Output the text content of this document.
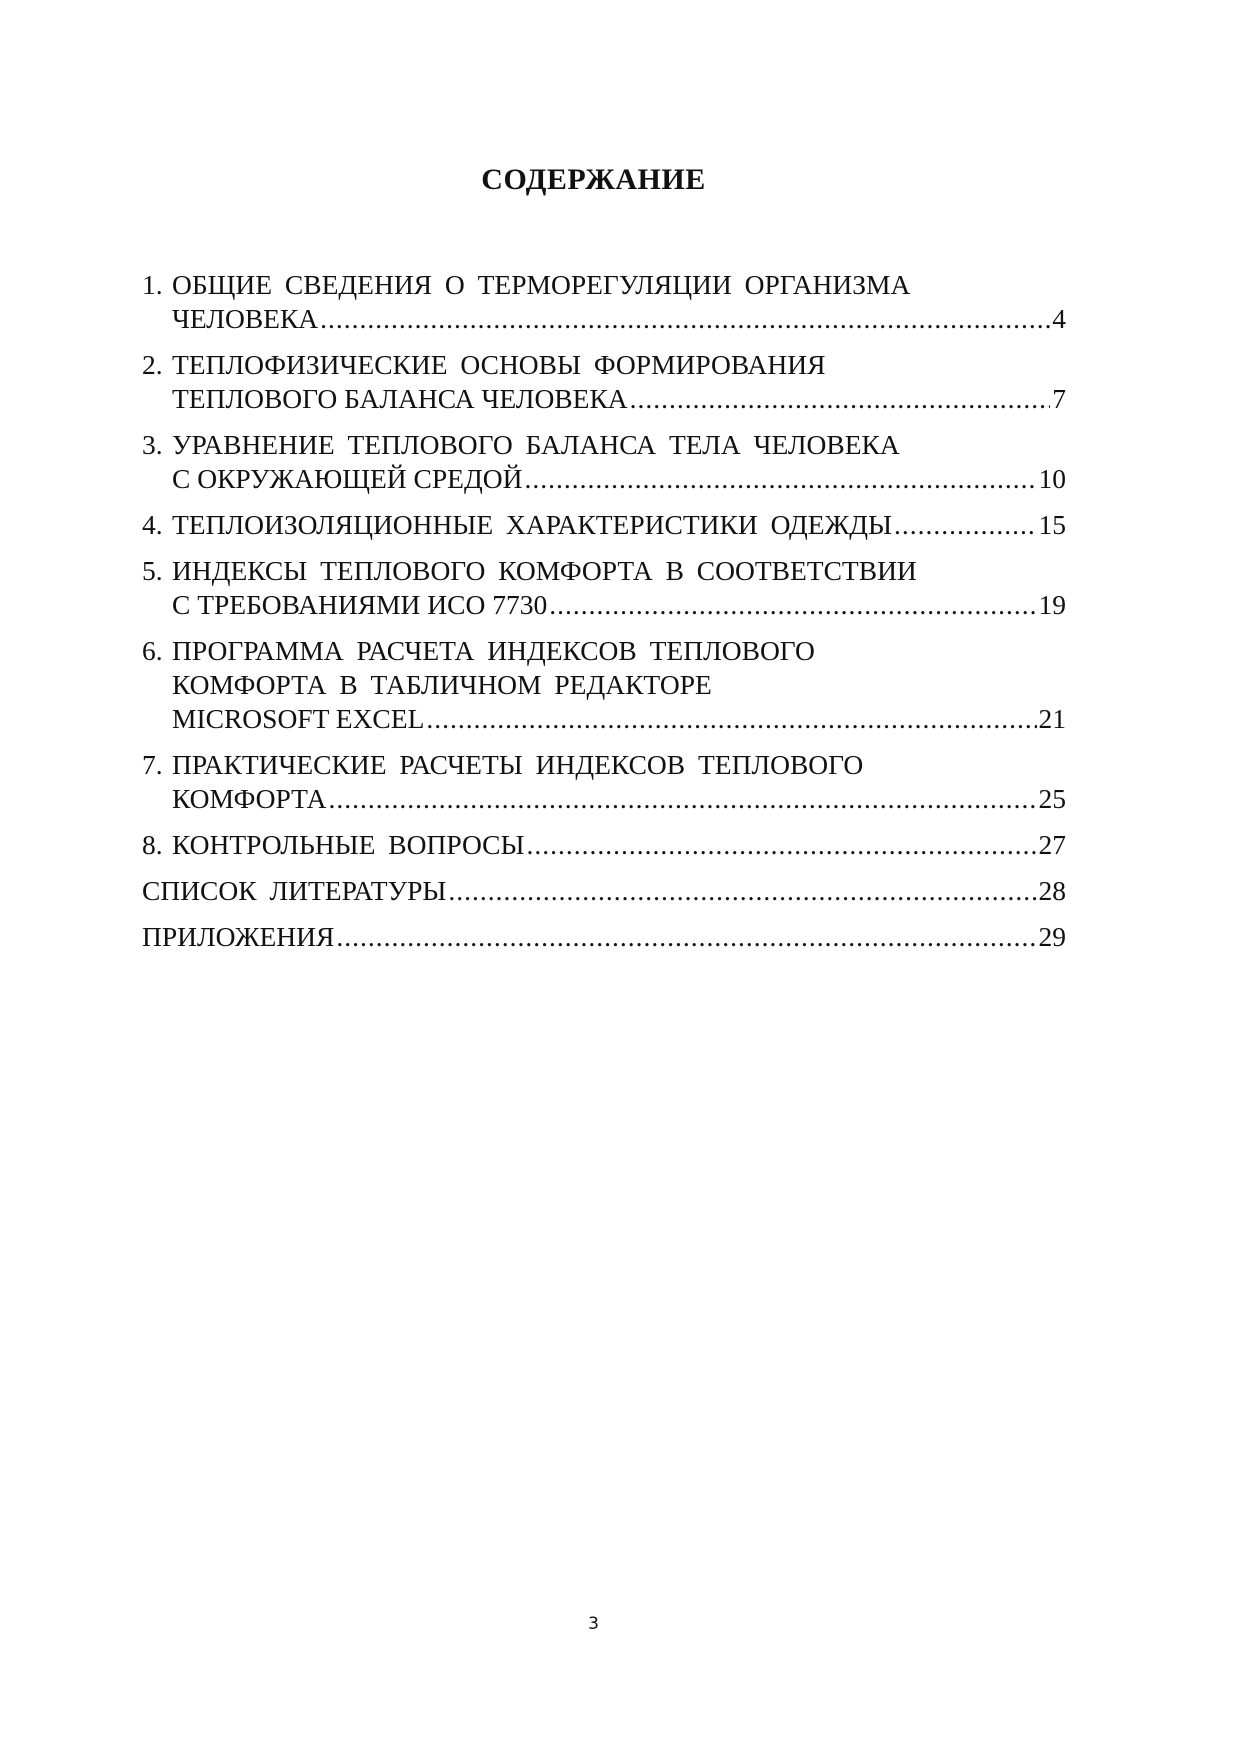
СОДЕРЖАНИЕ
1. ОБЩИЕ СВЕДЕНИЯ О ТЕРМОРЕГУЛЯЦИИ ОРГАНИЗМА
ЧЕЛОВЕКА .....	4
2. ТЕПЛОФИЗИЧЕСКИЕ ОСНОВЫ ФОРМИРОВАНИЯ
ТЕПЛОВОГО БАЛАНСА ЧЕЛОВЕКА .....	7
3. УРАВНЕНИЕ ТЕПЛОВОГО БАЛАНСА ТЕЛА ЧЕЛОВЕКА
С ОКРУЖАЮЩЕЙ СРЕДОЙ .....	10
4. ТЕПЛОИЗОЛЯЦИОННЫЕ ХАРАКТЕРИСТИКИ ОДЕЖДЫ .....	15
5. ИНДЕКСЫ ТЕПЛОВОГО КОМФОРТА В СООТВЕТСТВИИ
С ТРЕБОВАНИЯМИ ИСО 7730 .....	19
6. ПРОГРАММА РАСЧЕТА ИНДЕКСОВ ТЕПЛОВОГО
КОМФОРТА В ТАБЛИЧНОМ РЕДАКТОРЕ
MICROSOFT EXCEL .....	21
7. ПРАКТИЧЕСКИЕ РАСЧЕТЫ ИНДЕКСОВ ТЕПЛОВОГО
КОМФОРТА .....	25
8. КОНТРОЛЬНЫЕ ВОПРОСЫ .....	27
СПИСОК ЛИТЕРАТУРЫ .....	28
ПРИЛОЖЕНИЯ .....	29
3
